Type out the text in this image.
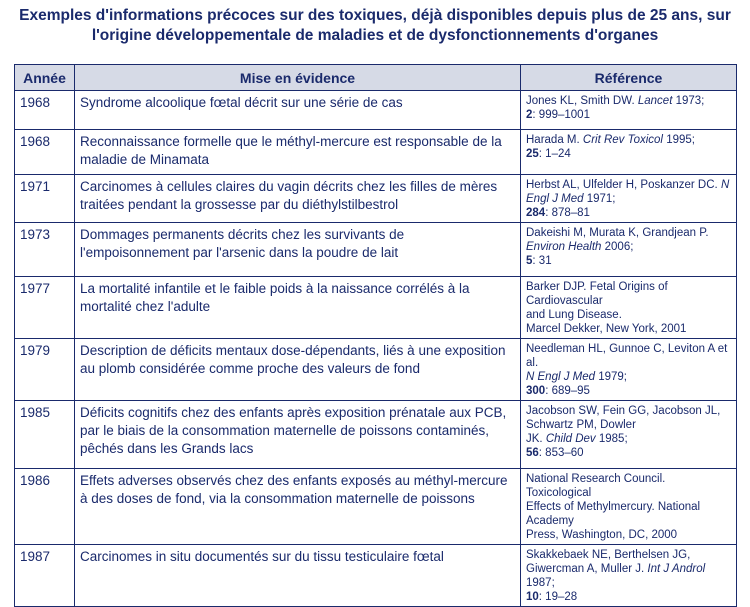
Exemples d'informations précoces sur des toxiques, déjà disponibles depuis plus de 25 ans, sur
l'origine développementale de maladies et de dysfonctionnements d'organes
Année	Mise en évidence	Référence
1968	Syndrome alcoolique fœtal décrit sur une série de cas	Jones KL, Smith DW. Lancet 1973;
2: 999–1001

1968	Reconnaissance formelle que le méthyl-mercure est responsable de la
maladie de Minamata	Harada M. Crit Rev Toxicol 1995;
25: 1–24

1971	Carcinomes à cellules claires du vagin décrits chez les filles de mères
traitées pendant la grossesse par du diéthylstilbestrol	Herbst AL, Ulfelder H, Poskanzer DC. N
Engl J Med 1971;
284: 878–81

1973	Dommages permanents décrits chez les survivants de
l'empoisonnement par l'arsenic dans la poudre de lait	Dakeishi M, Murata K, Grandjean P.
Environ Health 2006;
5: 31

1977	La mortalité infantile et le faible poids à la naissance corrélés à la
mortalité chez l'adulte	Barker DJP. Fetal Origins of Cardiovascular
and Lung Disease.
Marcel Dekker, New York, 2001

1979	Description de déficits mentaux dose-dépendants, liés à une exposition
au plomb considérée comme proche des valeurs de fond	Needleman HL, Gunnoe C, Leviton A et al.
N Engl J Med 1979;
300: 689–95

1985	Déficits cognitifs chez des enfants après exposition prénatale aux PCB,
par le biais de la consommation maternelle de poissons contaminés,
pêchés dans les Grands lacs	Jacobson SW, Fein GG, Jacobson JL,
Schwartz PM, Dowler
JK. Child Dev 1985;
56: 853–60

1986	Effets adverses observés chez des enfants exposés au méthyl-mercure
à des doses de fond, via la consommation maternelle de poissons	National Research Council. Toxicological
Effects of Methylmercury. National Academy
Press, Washington, DC, 2000

1987	Carcinomes in situ documentés sur du tissu testiculaire fœtal	Skakkebaek NE, Berthelsen JG,
Giwercman A, Muller J. Int J Androl 1987;
10: 19–28
